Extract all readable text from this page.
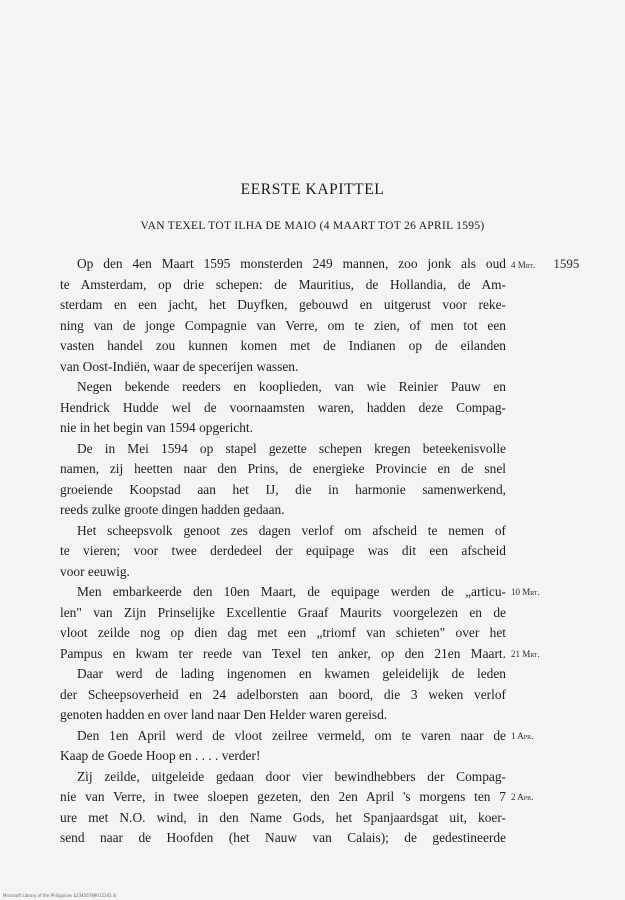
EERSTE KAPITTEL
VAN TEXEL TOT ILHA DE MAIO (4 MAART TOT 26 APRIL 1595)
Op den 4en Maart 1595 monsterden 249 mannen, zoo jonk als oud
te Amsterdam, op drie schepen: de Mauritius, de Hollandia, de Am-
sterdam en een jacht, het Duyfken, gebouwd en uitgerust voor reke-
ning van de jonge Compagnie van Verre, om te zien, of men tot een
vasten handel zou kunnen komen met de Indianen op de eilanden
van Oost-Indiën, waar de specerijen wassen.
Negen bekende reeders en kooplieden, van wie Reinier Pauw en
Hendrick Hudde wel de voornaamsten waren, hadden deze Compag-
nie in het begin van 1594 opgericht.
De in Mei 1594 op stapel gezette schepen kregen beteekenisvolle
namen, zij heetten naar den Prins, de energieke Provincie en de snel
groeiende Koopstad aan het IJ, die in harmonie samenwerkend,
reeds zulke groote dingen hadden gedaan.
Het scheepsvolk genoot zes dagen verlof om afscheid te nemen of
te vieren; voor twee derdedeel der equipage was dit een afscheid
voor eeuwig.
Men embarkeerde den 10en Maart, de equipage werden de „articu-
len" van Zijn Prinselijke Excellentie Graaf Maurits voorgelezen en de
vloot zeilde nog op dien dag met een „triomf van schieten" over het
Pampus en kwam ter reede van Texel ten anker, op den 21en Maart.
Daar werd de lading ingenomen en kwamen geleidelijk de leden
der Scheepsoverheid en 24 adelborsten aan boord, die 3 weken verlof
genoten hadden en over land naar Den Helder waren gereisd.
Den 1en April werd de vloot zeilree vermeld, om te varen naar de
Kaap de Goede Hoop en . . . . verder!
Zij zeilde, uitgeleide gedaan door vier bewindhebbers der Compag-
nie van Verre, in twee sloepen gezeten, den 2en April 's morgens ten 7
ure met N.O. wind, in den Name Gods, het Spanjaardsgat uit, koer-
send naar de Hoofden (het Nauw van Calais); de gedestineerde
4 Mrt. 1595
10 Mrt.
21 Mrt.
1 Apr.
2 Apr.
Microsoft Library of the Philippines b23456789012345 lil
